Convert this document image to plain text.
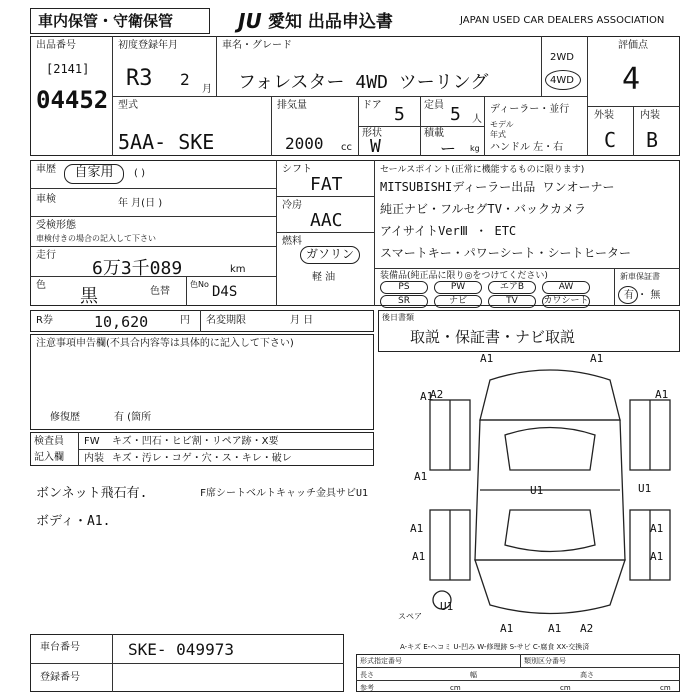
車内保管・守衛保管	JU 愛知 出品申込書	JAPAN USED CAR DEALERS ASSOCIATION
出品番号
[2141]
04452
初度登録年月
R3 2
月
車名・グレード
フォレスター 4WD ツーリング
2WD
4WD
評価点
4
外装	内装
C B
型式
5AA- SKE
排気量
2000 cc
ドア 5 定員 5 人
形状
W
積載
ー kg
ディーラー・並行
モデル
年式
ハンドル 左・右
車歴	自家用	( )
車検	年 月(日 )
受検形態
車検付きの場合の記入して下さい
走行
6万3千089	km
色
黒	色替
色No D4S
シフト
FAT
冷房
AAC
燃料
ガソリン
軽 油
セールスポイント(正常に機能するものに限ります)
MITSUBISHIディーラー出品 ワンオーナー
純正ナビ・フルセグTV・バックカメラ
アイサイトVerⅢ ・ ETC
スマートキー・パワーシート・シートヒーター
装備品(純正品に限り◎をつけてください)
PS	PW	エアB	AW
SR	ナビ	TV	カワシート
新車保証書
有 ・ 無
R券	10,620	円 名変期限	月 日
注意事項申告欄(不具合内容等は具体的に記入して下さい)
修復歴	有 (箇所
後日書類
取説・保証書・ナビ取説
検査員
記入欄
FW キズ・凹石・ヒビ割・リペア跡・X要
内装 キズ・汚レ・コゲ・穴・ス・キレ・破レ
ボンネット飛石有.
ボディ・A1.
F席シートベルトキャッチ金具サビU1
A1	A1
A1
A2	A1
A1
U1	U1
A1	A1
A1	A1
U1
A1 A2
A1
スペア
A-キズ E-ヘコミ U-凹み W-修理跡 S-サビ C-腐食 XX-交換済
車台番号	SKE- 049973
登録番号
形式指定番号	類別区分番号
長さ	幅	高さ
参考	cm	cm	cm
